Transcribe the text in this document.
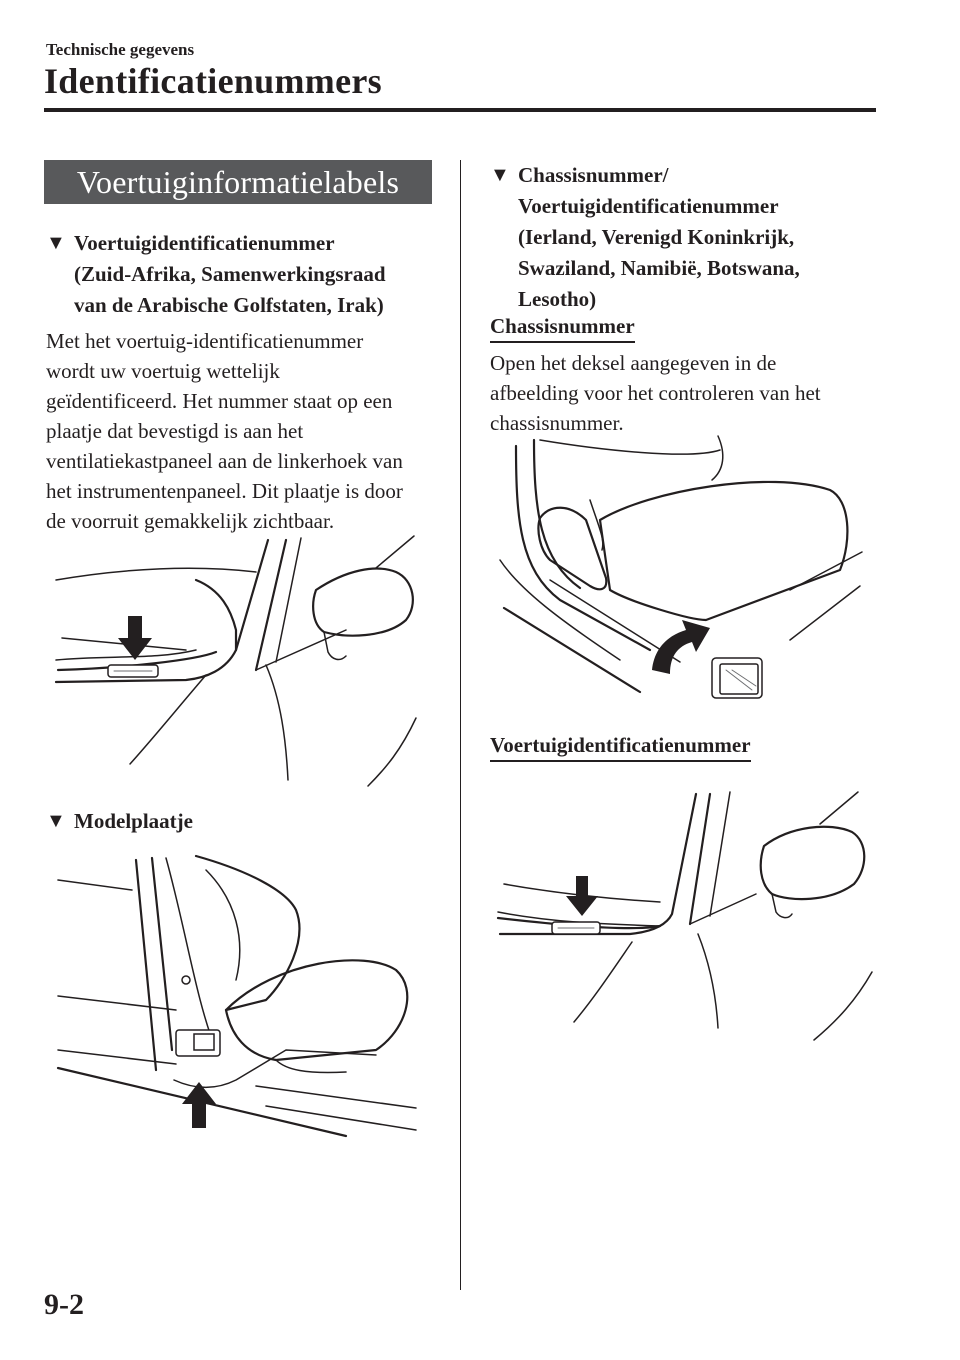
Technische gegevens
Identificatienummers
Voertuiginformatielabels
▼ Voertuigidentificatienummer
(Zuid-Afrika, Samenwerkingsraad
van de Arabische Golfstaten, Irak)
Met het voertuig-identificatienummer
wordt uw voertuig wettelijk
geïdentificeerd. Het nummer staat op een
plaatje dat bevestigd is aan het
ventilatiekastpaneel aan de linkerhoek van
het instrumentenpaneel. Dit plaatje is door
de voorruit gemakkelijk zichtbaar.
▼ Modelplaatje
▼ Chassisnummer/
Voertuigidentificatienummer
(Ierland, Verenigd Koninkrijk,
Swaziland, Namibië, Botswana,
Lesotho)
Chassisnummer
Open het deksel aangegeven in de
afbeelding voor het controleren van het
chassisnummer.
Voertuigidentificatienummer
9-2
